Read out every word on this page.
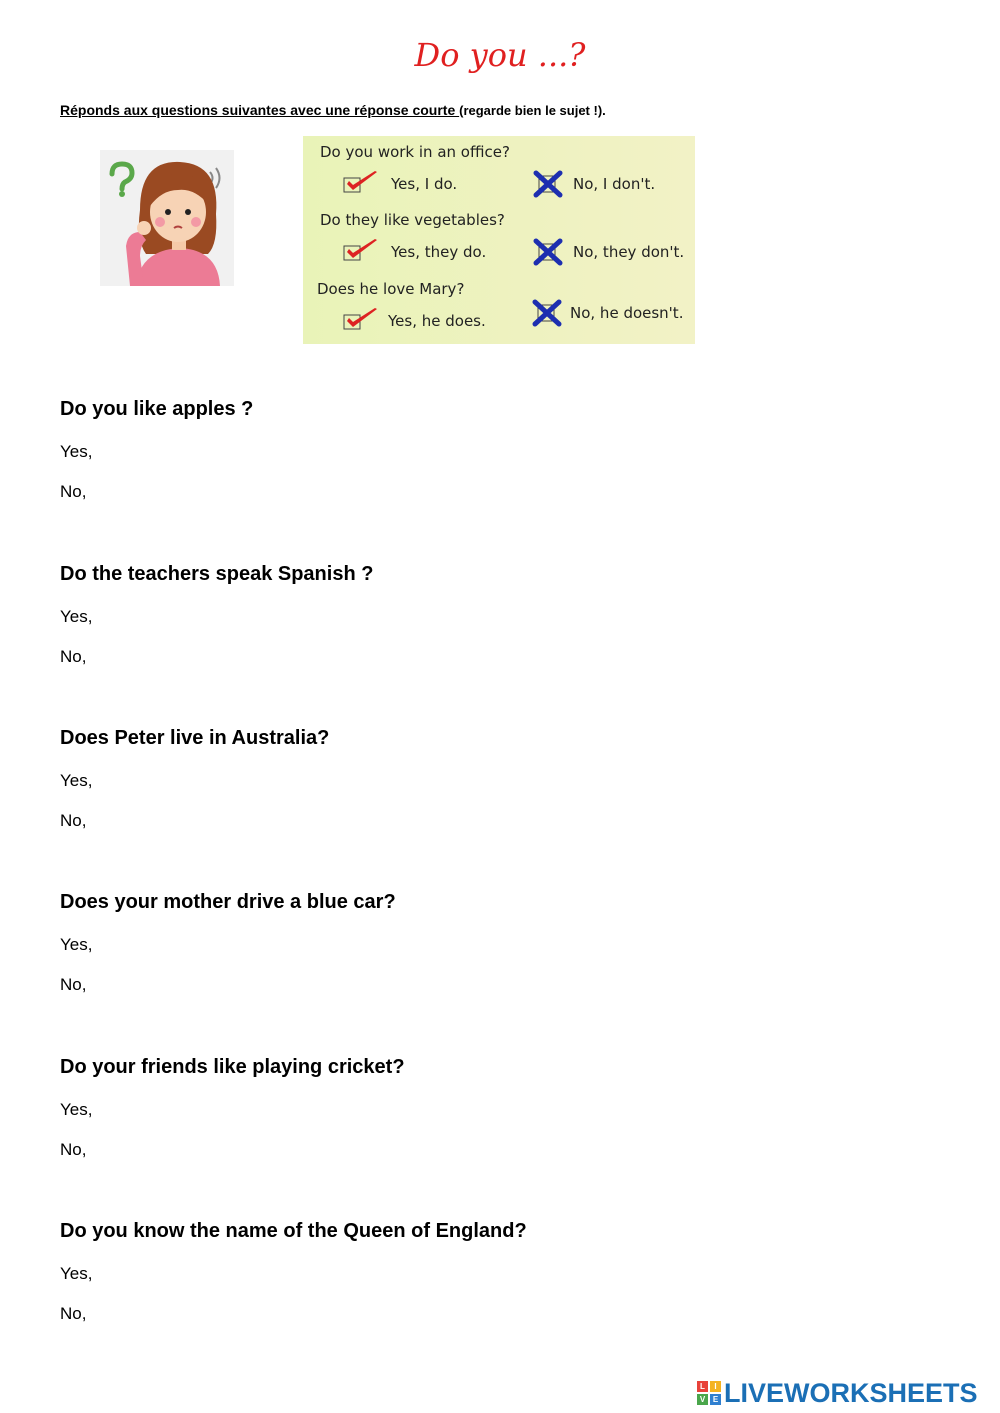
Do you ...?
Réponds aux questions suivantes avec une réponse courte (regarde bien le sujet !).
Do you work in an office?
Yes, I do.	No, I don't.
Do they like vegetables?
Yes, they do.	No, they don't.
Does he love Mary?
Yes, he does.	No, he doesn't.
Do you like apples ?
Yes,
No,
Do the teachers speak Spanish ?
Yes,
No,
Does Peter live in Australia?
Yes,
No,
Does your mother drive a blue car?
Yes,
No,
Do your friends like playing cricket?
Yes,
No,
Do you know the name of the Queen of England?
Yes,
No,
L	I
V E LIVEWORKSHEETS
